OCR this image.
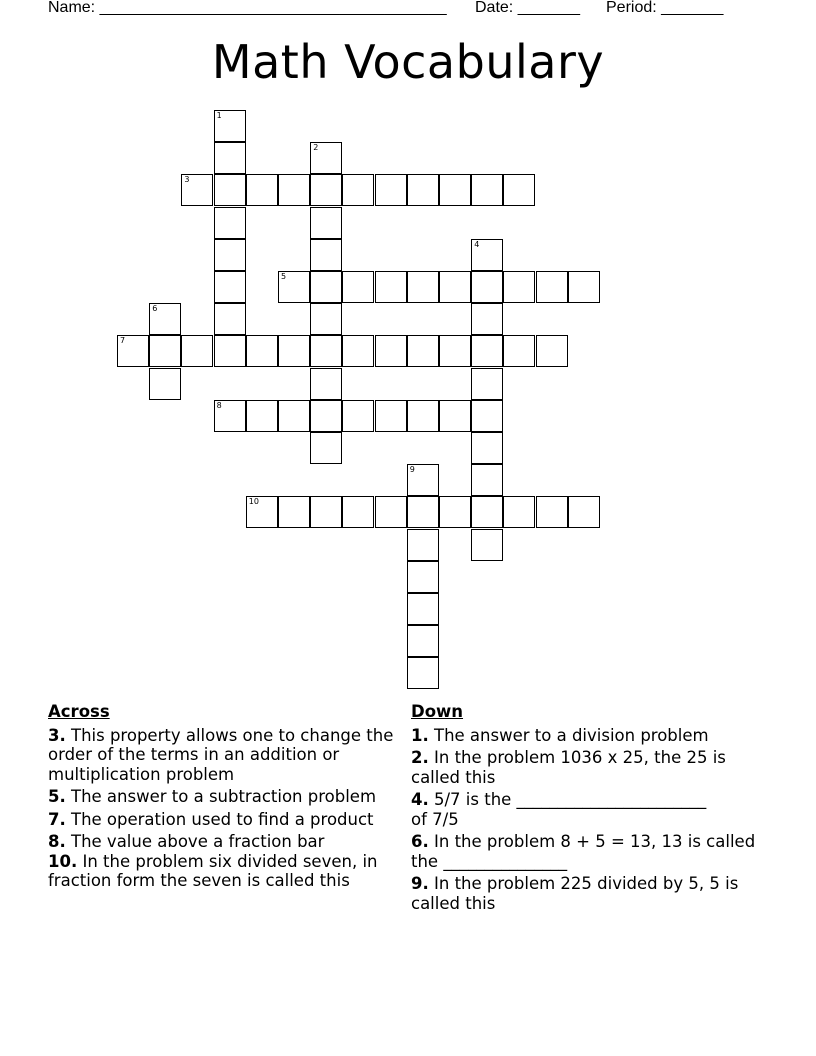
Name: _______________________________________ Date: _______ Period: _______
Math Vocabulary
1
2
3
4
5
6
7
8
9
10
Across
3. This property allows one to change the order of the terms in an addition or multiplication problem
5. The answer to a subtraction problem
7. The operation used to find a product
8. The value above a fraction bar
10. In the problem six divided seven, in fraction form the seven is called this
Down
1. The answer to a division problem
2. In the problem 1036 x 25, the 25 is called this
4. 5/7 is the _______________________ of 7/5
6. In the problem 8 + 5 = 13, 13 is called the _______________
9. In the problem 225 divided by 5, 5 is called this
